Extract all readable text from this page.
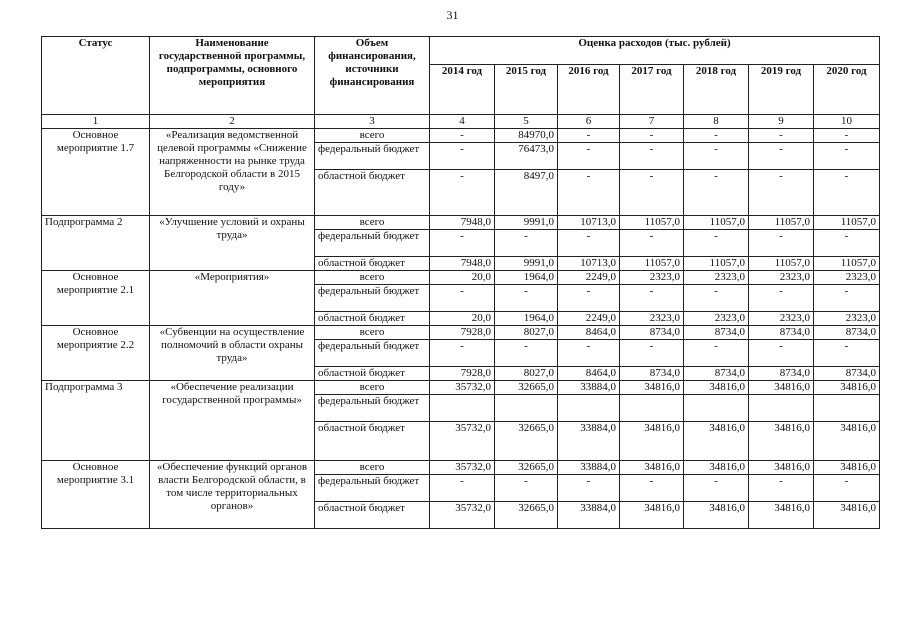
31
Статус	Наименование государственной программы, подпрограммы, основного мероприятия	Объем финансирования, источники финансирования	Оценка расходов (тыс. рублей)						
			2014 год	2015 год	2016 год	2017 год	2018 год	2019 год	2020 год
1	2	3	4	5	6	7	8	9	10
Основное мероприятие 1.7	«Реализация ведомственной целевой программы «Снижение напряженности на рынке труда Белгородской области в 2015 году»	всего	-	84970,0	-	-	-	-	-
		федеральный бюджет	-	76473,0	-	-	-	-	-
		областной бюджет	-	8497,0	-	-	-	-	-
Подпрограмма 2	«Улучшение условий и охраны труда»	всего	7948,0	9991,0	10713,0	11057,0	11057,0	11057,0	11057,0
		федеральный бюджет	-	-	-	-	-	-	-
		областной бюджет	7948,0	9991,0	10713,0	11057,0	11057,0	11057,0	11057,0
Основное мероприятие 2.1	«Мероприятия»	всего	20,0	1964,0	2249,0	2323,0	2323,0	2323,0	2323,0
		федеральный бюджет	-	-	-	-	-	-	-
		областной бюджет	20,0	1964,0	2249,0	2323,0	2323,0	2323,0	2323,0
Основное мероприятие 2.2	«Субвенции на осуществление полномочий в области охраны труда»	всего	7928,0	8027,0	8464,0	8734,0	8734,0	8734,0	8734,0
		федеральный бюджет	-	-	-	-	-	-	-
		областной бюджет	7928,0	8027,0	8464,0	8734,0	8734,0	8734,0	8734,0
Подпрограмма 3	«Обеспечение реализации государственной программы»	всего	35732,0	32665,0	33884,0	34816,0	34816,0	34816,0	34816,0
		федеральный бюджет							
		областной бюджет	35732,0	32665,0	33884,0	34816,0	34816,0	34816,0	34816,0
Основное мероприятие 3.1	«Обеспечение функций органов власти Белгородской области, в том числе территориальных органов»	всего	35732,0	32665,0	33884,0	34816,0	34816,0	34816,0	34816,0
		федеральный бюджет	-	-	-	-	-	-	-
		областной бюджет	35732,0	32665,0	33884,0	34816,0	34816,0	34816,0	34816,0
